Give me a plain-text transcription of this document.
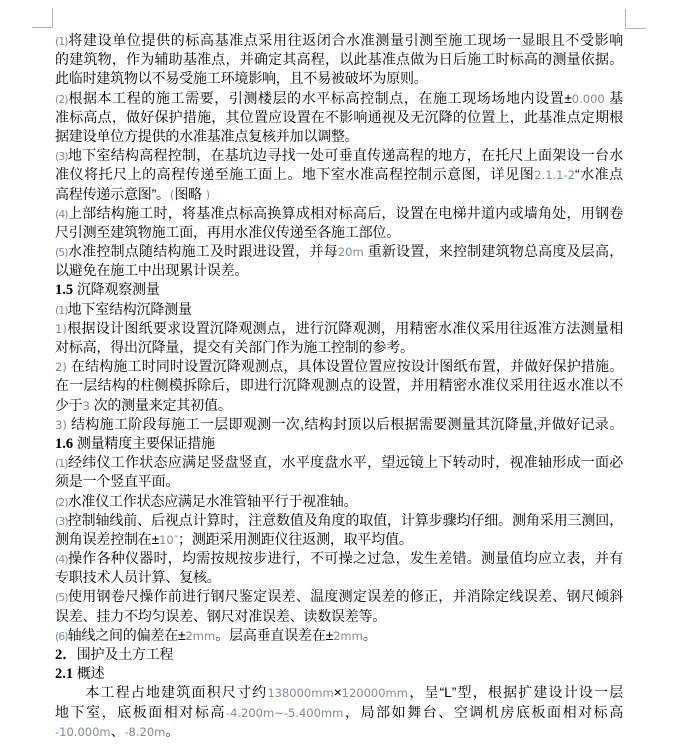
(1)将建设单位提供的标高基准点采用往返闭合水准测量引测至施工现场一显眼且不受影响
的建筑物，作为辅助基准点，并确定其高程，以此基准点做为日后施工时标高的测量依据。
此临时建筑物以不易受施工环境影响，且不易被破坏为原则。
(2)根据本工程的施工需要，引测楼层的水平标高控制点，在施工现场场地内设置±0.000 基
准标高点，做好保护措施，其位置应设置在不影响通视及无沉降的位置上，此基准点定期根
据建设单位方提供的水准基准点复核并加以调整。
(3)地下室结构高程控制，在基坑边寻找一处可垂直传递高程的地方，在托尺上面架设一台水
准仪将托尺上的高程传递至施工面上。地下室水准高程控制示意图，详见图2.1.1-2“水准点
高程传递示意图”。(图略 )
(4)上部结构施工时，将基准点标高换算成相对标高后，设置在电梯井道内或墙角处，用钢卷
尺引测至建筑物施工面，再用水准仪传递至各施工部位。
(5)水准控制点随结构施工及时跟进设置，并每20m 重新设置，来控制建筑物总高度及层高，
以避免在施工中出现累计误差。
1.5 沉降观察测量
(1)地下室结构沉降测量
1)根据设计图纸要求设置沉降观测点，进行沉降观测，用精密水准仪采用往返准方法测量相
对标高，得出沉降量，提交有关部门作为施工控制的参考。
2) 在结构施工时同时设置沉降观测点，具体设置位置应按设计图纸布置，并做好保护措施。
在一层结构的柱侧模拆除后，即进行沉降观测点的设置，并用精密水准仪采用往返水准以不
少于3 次的测量来定其初值。
3) 结构施工阶段每施工一层即观测一次,结构封顶以后根据需要测量其沉降量,并做好记录。
1.6 测量精度主要保证措施
(1)经纬仪工作状态应满足竖盘竖直，水平度盘水平，望远镜上下转动时，视准轴形成一面必
须是一个竖直平面。
(2)水准仪工作状态应满足水准管轴平行于视准轴。
(3)控制轴线前、后视点计算时，注意数值及角度的取值，计算步骤均仔细。测角采用三测回，
测角误差控制在±10″；测距采用测距仪往返测，取平均值。
(4)操作各种仪器时，均需按规按步进行，不可操之过急，发生差错。测量值均应立表，并有
专职技术人员计算、复核。
(5)使用钢卷尺操作前进行钢尺鉴定误差、温度测定误差的修正，并消除定线误差、钢尺倾斜
误差、挂力不均匀误差、钢尺对准误差、读数误差等。
(6)轴线之间的偏差在±2mm。层高垂直误差在±2mm。
2．围护及土方工程
2.1 概述
　　本工程占地建筑面积尺寸约138000mm×120000mm，呈“L”型，根据扩建设计设一层
地下室，底板面相对标高-4.200m~-5.400mm，局部如舞台、空调机房底板面相对标高
-10.000m、-8.20m。
